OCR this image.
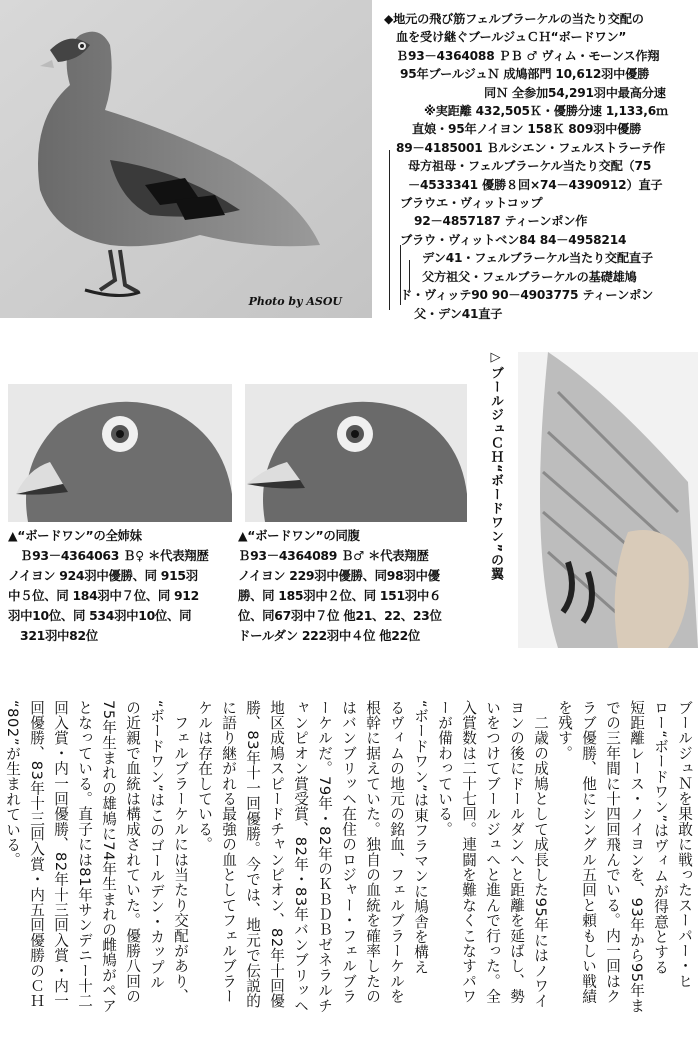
Photo by ASOU
◆地元の飛び筋フェルブラーケルの当たり交配の
血を受け継ぐブールジュＣＨ“ボードワン”
Ｂ93－4364088 ＰＢ ♂ ヴィム・モーンス作翔
95年ブールジュＮ 成鳩部門 10,612羽中優勝
同Ｎ 全参加54,291羽中最高分速
※実距離 432,505Ｋ・優勝分速 1,133,6ｍ
直娘・95年ノイヨン 158Ｋ 809羽中優勝
89－4185001 Ｂルシエン・フェルストラーテ作
母方祖母・フェルブラーケル当たり交配（75
－4533341 優勝８回×74－4390912）直子
ブラウエ・ヴィットコップ
92－4857187 ティーンポン作
ブラウ・ヴィットベン84 84－4958214
デン41・フェルブラーケル当たり交配直子
父方祖父・フェルブラーケルの基礎雄鳩
ド・ヴィッテ90 90－4903775 ティーンポン
父・デン41直子
▷ブールジュＣＨ“ボードワン”の翼
▲“ボードワン”の全姉妹
Ｂ93－4364063 Ｂ♀ ＊代表翔歴
ノイヨン 924羽中優勝、同 915羽
中５位、同 184羽中７位、同 912
羽中10位、同 534羽中10位、同
321羽中82位
▲“ボードワン”の同腹
Ｂ93－4364089 Ｂ♂ ＊代表翔歴
ノイヨン 229羽中優勝、同98羽中優
勝、同 185羽中２位、同 151羽中６
位、同67羽中７位 他21、22、23位
ドールダン 222羽中４位 他22位
ブールジュＮを果敢に戦ったスーパー・ヒ
ロー“ボードワン”はヴィムが得意とする
短距離レース・ノイヨンを、93年から95年ま
での三年間に十四回飛んでいる。内一回はク
ラブ優勝、他にシングル五回と頼もしい戦績
を残す。
　二歳の成鳩として成長した95年にはノワイ
ヨンの後にドールダンへと距離を延ばし、勢
いをつけてブールジュへと進んで行った。全
入賞数は二十七回。連闘を難なくこなすパワ
ーが備わっている。
“ボードワン”は東フラマンに鳩舎を構え
るヴィムの地元の銘血、フェルブラーケルを
根幹に据えていた。独自の血統を確率したの
はバンブリッヘ在住のロジャー・フェルブラ
ーケルだ。79年・82年のＫＢＤＢゼネラルチ
ャンピオン賞受賞、82年・83年バンブリッヘ
地区成鳩スピードチャンピオン、82年十回優
勝、83年十一回優勝。今では、地元で伝説的
に語り継がれる最強の血としてフェルブラー
ケルは存在している。
　フェルブラーケルには当たり交配があり、
“ボードワン”はこのゴールデン・カップル
の近親で血統は構成されていた。優勝八回の
75年生まれの雄鳩に74年生まれの雌鳩がペア
となっている。直子には81年サンデニー十二
回入賞・内一回優勝、82年十三回入賞・内一
回優勝、83年十三回入賞・内五回優勝のＣＨ
“802”が生まれている。
